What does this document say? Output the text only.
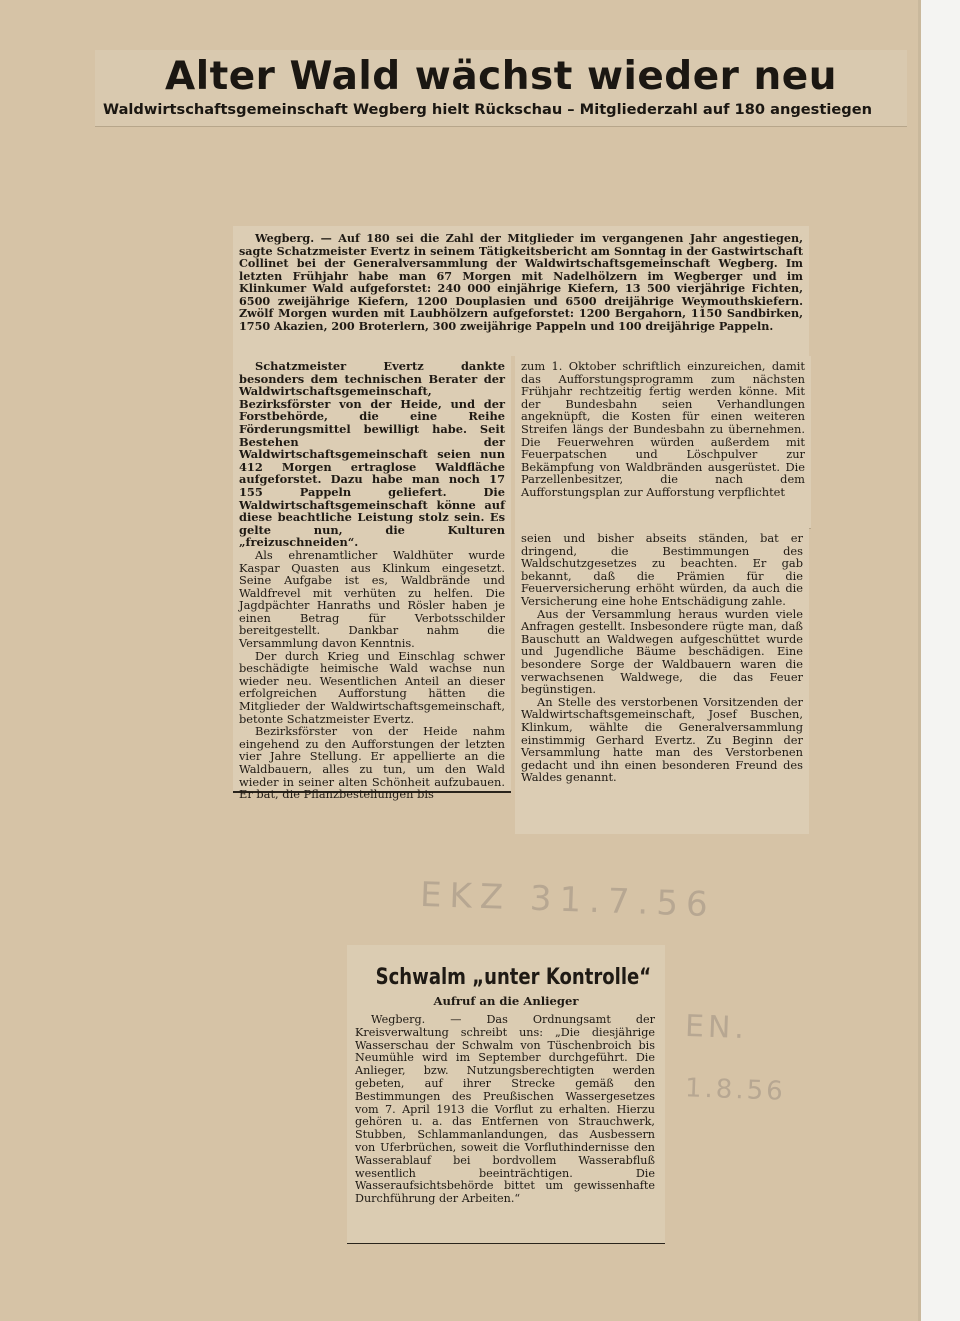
Alter Wald wächst wieder neu
Waldwirtschaftsgemeinschaft Wegberg hielt Rückschau – Mitgliederzahl auf 180 angestiegen

Wegberg. — Auf 180 sei die Zahl der Mitglieder im vergangenen Jahr angestiegen, sagte Schatzmeister Evertz in seinem Tätigkeitsbericht am Sonntag in der Gastwirtschaft Collinet bei der Generalversammlung der Waldwirtschaftsgemeinschaft Wegberg. Im letzten Frühjahr habe man 67 Morgen mit Nadelhölzern im Wegberger und im Klinkumer Wald aufgeforstet: 240 000 einjährige Kiefern, 13 500 vierjährige Fichten, 6500 zweijährige Kiefern, 1200 Douplasien und 6500 dreijährige Weymouthskiefern. Zwölf Morgen wurden mit Laubhölzern aufgeforstet: 1200 Bergahorn, 1150 Sandbirken, 1750 Akazien, 200 Broterlern, 300 zweijährige Pappeln und 100 dreijährige Pappeln.

Schatzmeister Evertz dankte besonders dem technischen Berater der Waldwirtschaftsgemeinschaft, Bezirksförster von der Heide, und der Forstbehörde, die eine Reihe Förderungsmittel bewilligt habe. Seit Bestehen der Waldwirtschaftsgemeinschaft seien nun 412 Morgen ertraglose Waldfläche aufgeforstet. Dazu habe man noch 17 155 Pappeln geliefert. Die Waldwirtschaftsgemeinschaft könne auf diese beachtliche Leistung stolz sein. Es gelte nun, die Kulturen „freizuschneiden“.

Als ehrenamtlicher Waldhüter wurde Kaspar Quasten aus Klinkum eingesetzt. Seine Aufgabe ist es, Waldbrände und Waldfrevel mit verhüten zu helfen. Die Jagdpächter Hanraths und Rösler haben je einen Betrag für Verbotsschilder bereitgestellt. Dankbar nahm die Versammlung davon Kenntnis.

Der durch Krieg und Einschlag schwer beschädigte heimische Wald wachse nun wieder neu. Wesentlichen Anteil an dieser erfolgreichen Aufforstung hätten die Mitglieder der Waldwirtschaftsgemeinschaft, betonte Schatzmeister Evertz.

Bezirksförster von der Heide nahm eingehend zu den Aufforstungen der letzten vier Jahre Stellung. Er appellierte an die Waldbauern, alles zu tun, um den Wald wieder in seiner alten Schönheit aufzubauen. Er bat, die Pflanzbestellungen bis

zum 1. Oktober schriftlich einzureichen, damit das Aufforstungsprogramm zum nächsten Frühjahr rechtzeitig fertig werden könne. Mit der Bundesbahn seien Verhandlungen angeknüpft, die Kosten für einen weiteren Streifen längs der Bundesbahn zu übernehmen. Die Feuerwehren würden außerdem mit Feuerpatschen und Löschpulver zur Bekämpfung von Waldbränden ausgerüstet. Die Parzellenbesitzer, die nach dem Aufforstungsplan zur Aufforstung verpflichtet

seien und bisher abseits ständen, bat er dringend, die Bestimmungen des Waldschutzgesetzes zu beachten. Er gab bekannt, daß die Prämien für die Feuerversicherung erhöht würden, da auch die Versicherung eine hohe Entschädigung zahle.

Aus der Versammlung heraus wurden viele Anfragen gestellt. Insbesondere rügte man, daß Bauschutt an Waldwegen aufgeschüttet wurde und Jugendliche Bäume beschädigen. Eine besondere Sorge der Waldbauern waren die verwachsenen Waldwege, die das Feuer begünstigen.

An Stelle des verstorbenen Vorsitzenden der Waldwirtschaftsgemeinschaft, Josef Buschen, Klinkum, wählte die Generalversammlung einstimmig Gerhard Evertz. Zu Beginn der Versammlung hatte man des Verstorbenen gedacht und ihn einen besonderen Freund des Waldes genannt.

EKZ 31.7.56
EN.
1.8.56
Schwalm „unter Kontrolle“
Aufruf an die Anlieger

Wegberg. — Das Ordnungsamt der Kreisverwaltung schreibt uns: „Die diesjährige Wasserschau der Schwalm von Tüschenbroich bis Neumühle wird im September durchgeführt. Die Anlieger, bzw. Nutzungsberechtigten werden gebeten, auf ihrer Strecke gemäß den Bestimmungen des Preußischen Wassergesetzes vom 7. April 1913 die Vorflut zu erhalten. Hierzu gehören u. a. das Entfernen von Strauchwerk, Stubben, Schlammanlandungen, das Ausbessern von Uferbrüchen, soweit die Vorfluthindernisse den Wasserablauf bei bordvollem Wasserabfluß wesentlich beeinträchtigen. Die Wasseraufsichtsbehörde bittet um gewissenhafte Durchführung der Arbeiten.“
